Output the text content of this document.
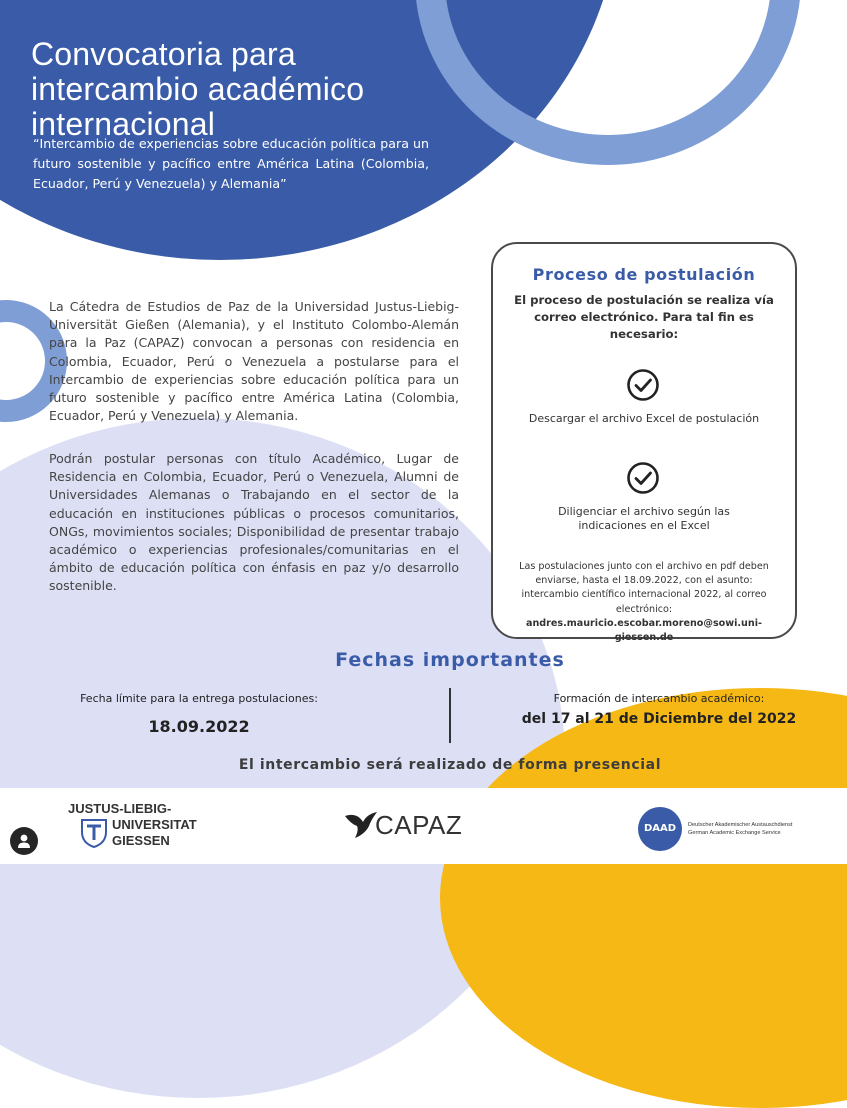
Convocatoria para intercambio académico internacional

“Intercambio de experiencias sobre educación política para un futuro sostenible y pacífico entre América Latina (Colombia, Ecuador, Perú y Venezuela) y Alemania”

La Cátedra de Estudios de Paz de la Universidad Justus-Liebig-Universität Gießen (Alemania), y el Instituto Colombo-Alemán para la Paz (CAPAZ) convocan a personas con residencia en Colombia, Ecuador, Perú o Venezuela a postularse para el Intercambio de experiencias sobre educación política para un futuro sostenible y pacífico entre América Latina (Colombia, Ecuador, Perú y Venezuela) y Alemania.

Podrán postular personas con título Académico, Lugar de Residencia en Colombia, Ecuador, Perú o Venezuela, Alumni de Universidades Alemanas o Trabajando en el sector de la educación en instituciones públicas o procesos comunitarios, ONGs, movimientos sociales; Disponibilidad de presentar trabajo académico o experiencias profesionales/comunitarias en el ámbito de educación política con énfasis en paz y/o desarrollo sostenible.

Proceso de postulación

El proceso de postulación se realiza vía correo electrónico. Para tal fin es necesario:

Descargar el archivo Excel de postulación

Diligenciar el archivo según las indicaciones en el Excel

Las postulaciones junto con el archivo en pdf deben enviarse, hasta el 18.09.2022, con el asunto: intercambio científico internacional 2022, al correo electrónico: andres.mauricio.escobar.moreno@sowi.uni-giessen.de

Fechas importantes

Fecha límite para la entrega postulaciones:

18.09.2022

Formación de intercambio académico:

del 17 al 21 de Diciembre del 2022

El intercambio será realizado de forma presencial

JUSTUS-LIEBIG-

UNIVERSITAT

GIESSEN

CAPAZ	DAAD	Deutscher Akademischer Austauschdienst

German Academic Exchange Service
